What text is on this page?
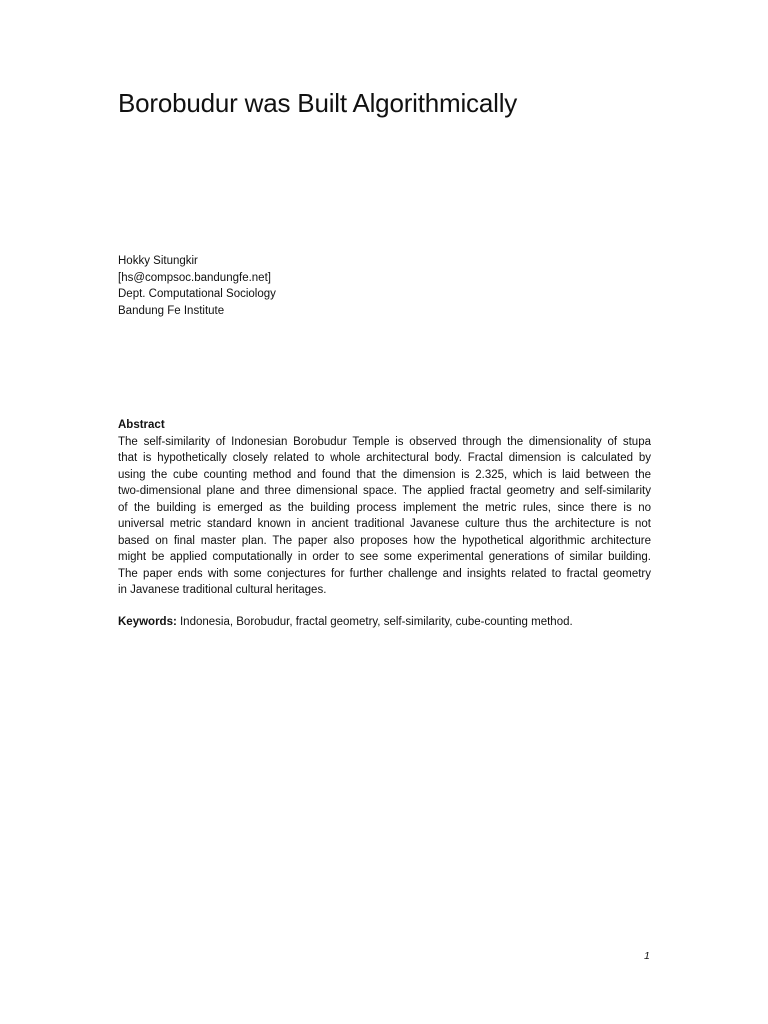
Borobudur was Built Algorithmically
Hokky Situngkir
[hs@compsoc.bandungfe.net]
Dept. Computational Sociology
Bandung Fe Institute
Abstract
The self-similarity of Indonesian Borobudur Temple is observed through the dimensionality of stupa
that is hypothetically closely related to whole architectural body. Fractal dimension is calculated by
using the cube counting method and found that the dimension is 2.325, which is laid between the
two-dimensional plane and three dimensional space. The applied fractal geometry and self-similarity
of the building is emerged as the building process implement the metric rules, since there is no
universal metric standard known in ancient traditional Javanese culture thus the architecture is not
based on final master plan. The paper also proposes how the hypothetical algorithmic architecture
might be applied computationally in order to see some experimental generations of similar building.
The paper ends with some conjectures for further challenge and insights related to fractal geometry
in Javanese traditional cultural heritages.
Keywords: Indonesia, Borobudur, fractal geometry, self-similarity, cube-counting method.
1
